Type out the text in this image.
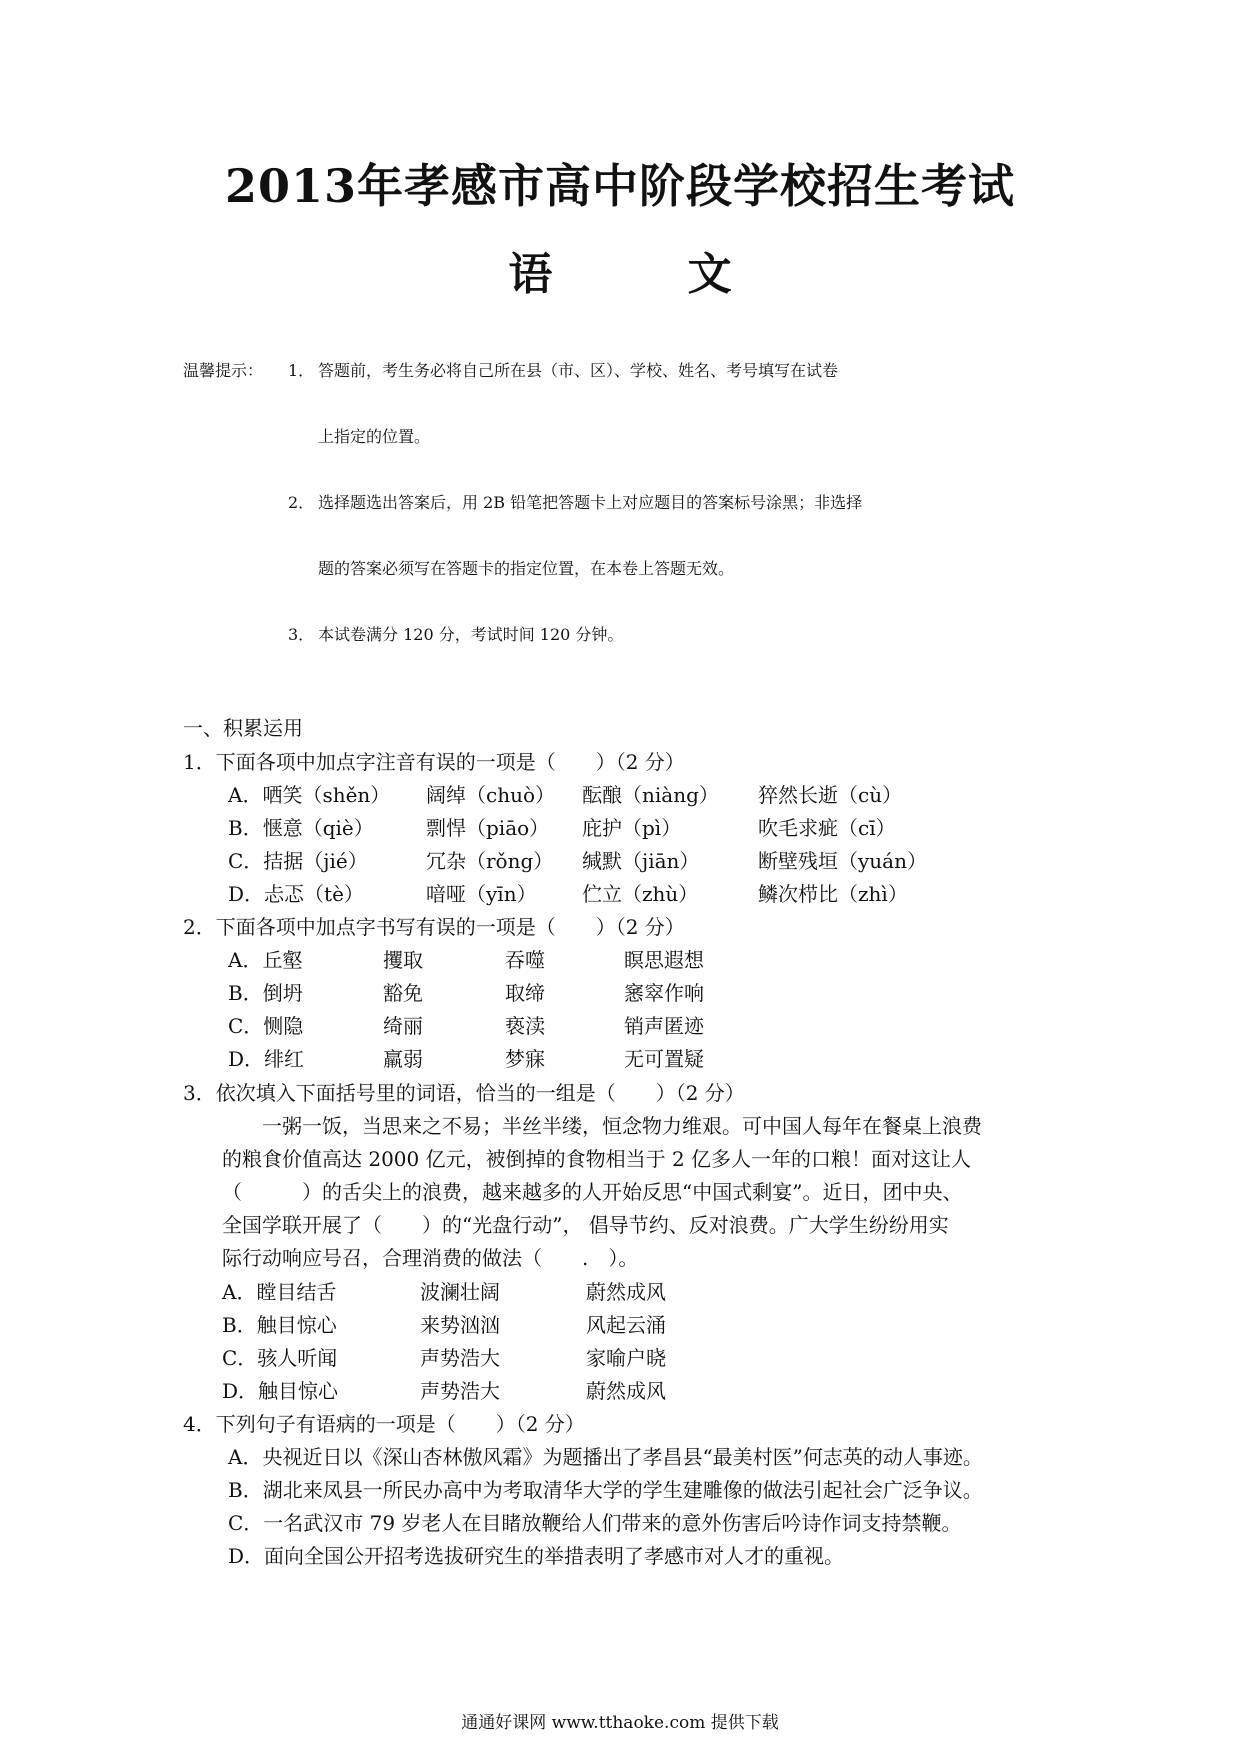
2013年孝感市高中阶段学校招生考试
语 文
温馨提示： 1． 答题前，考生务必将自己所在县（市、区）、学校、姓名、考号填写在试卷
上指定的位置。
2． 选择题选出答案后，用 2B 铅笔把答题卡上对应题目的答案标号涂黑；非选择
题的答案必须写在答题卡的指定位置，在本卷上答题无效。
3． 本试卷满分 120 分，考试时间 120 分钟。
一、积累运用
1．下面各项中加点字注音有误的一项是（　　）（2 分）
A．哂笑（shěn） 阔绰（chuò） 酝酿（niàng） 猝然长逝（cù）
B．惬意（qiè）	剽悍（piāo） 庇护（pì）	吹毛求疵（cī）
C．拮据（jié）	冗杂（rǒng） 缄默（jiān）	断壁残垣（yuán）
D．忐忑（tè）	喑哑（yīn） 伫立（zhù）	鳞次栉比（zhì）
2．下面各项中加点字书写有误的一项是（　　）（2 分）
A．丘壑	攫取	吞噬	瞑思遐想
B．倒坍	豁免	取缔	窸窣作响
C．恻隐	绮丽	亵渎	销声匿迹
D．绯红	羸弱	梦寐	无可置疑
3．依次填入下面括号里的词语，恰当的一组是（　　）（2 分）
一粥一饭，当思来之不易；半丝半缕，恒念物力维艰。可中国人每年在餐桌上浪费
的粮食价值高达 2000 亿元，被倒掉的食物相当于 2 亿多人一年的口粮！面对这让人
（　　　）的舌尖上的浪费，越来越多的人开始反思“中国式剩宴”。近日，团中央、
全国学联开展了（　　）的“光盘行动”， 倡导节约、反对浪费。广大学生纷纷用实
际行动响应号召，合理消费的做法（　　.　）。
A．瞠目结舌	波澜壮阔	蔚然成风
B．触目惊心	来势汹汹	风起云涌
C．骇人听闻	声势浩大	家喻户晓
D．触目惊心	声势浩大	蔚然成风
4．下列句子有语病的一项是（　　）（2 分）
A．央视近日以《深山杏林傲风霜》为题播出了孝昌县“最美村医”何志英的动人事迹。
B．湖北来凤县一所民办高中为考取清华大学的学生建雕像的做法引起社会广泛争议。
C．一名武汉市 79 岁老人在目睹放鞭给人们带来的意外伤害后吟诗作词支持禁鞭。
D．面向全国公开招考选拔研究生的举措表明了孝感市对人才的重视。
通通好课网 www.tthaoke.com 提供下载
